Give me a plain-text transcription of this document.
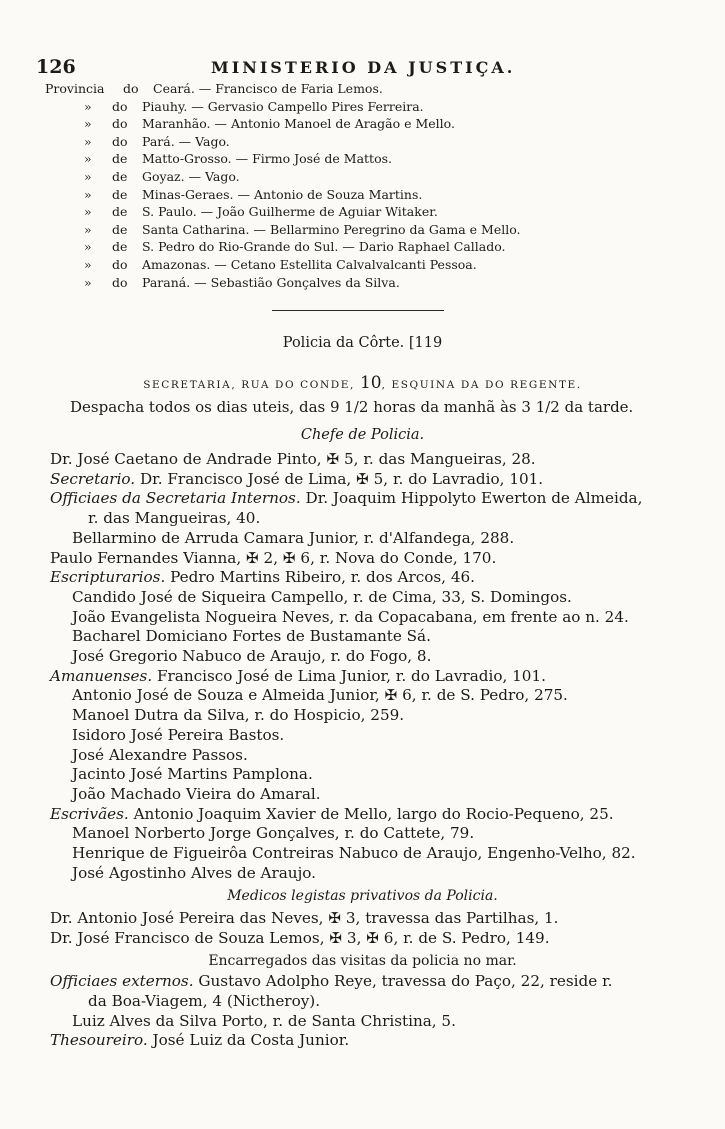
126	MINISTERIO DA JUSTIÇA.
Provincia do Ceará. — Francisco de Faria Lemos.
» do Piauhy. — Gervasio Campello Pires Ferreira.
» do Maranhão. — Antonio Manoel de Aragão e Mello.
» do Pará. — Vago.
» de Matto-Grosso. — Firmo José de Mattos.
» de Goyaz. — Vago.
» de Minas-Geraes. — Antonio de Souza Martins.
» de S. Paulo. — João Guilherme de Aguiar Witaker.
» de Santa Catharina. — Bellarmino Peregrino da Gama e Mello.
» de S. Pedro do Rio-Grande do Sul. — Dario Raphael Callado.
» do Amazonas. — Cetano Estellita Calvalvalcanti Pessoa.
» do Paraná. — Sebastião Gonçalves da Silva.
Policia da Côrte. [119
SECRETARIA, RUA DO CONDE, 10, ESQUINA DA DO REGENTE.
Despacha todos os dias uteis, das 9 1/2 horas da manhã às 3 1/2 da tarde.
Chefe de Policia.
Dr. José Caetano de Andrade Pinto, ✠ 5, r. das Mangueiras, 28.
Secretario. Dr. Francisco José de Lima, ✠ 5, r. do Lavradio, 101.
Officiaes da Secretaria Internos. Dr. Joaquim Hippolyto Ewerton de Almeida,
r. das Mangueiras, 40.
Bellarmino de Arruda Camara Junior, r. d'Alfandega, 288.
Paulo Fernandes Vianna, ✠ 2, ✠ 6, r. Nova do Conde, 170.
Escripturarios. Pedro Martins Ribeiro, r. dos Arcos, 46.
Candido José de Siqueira Campello, r. de Cima, 33, S. Domingos.
João Evangelista Nogueira Neves, r. da Copacabana, em frente ao n. 24.
Bacharel Domiciano Fortes de Bustamante Sá.
José Gregorio Nabuco de Araujo, r. do Fogo, 8.
Amanuenses. Francisco José de Lima Junior, r. do Lavradio, 101.
Antonio José de Souza e Almeida Junior, ✠ 6, r. de S. Pedro, 275.
Manoel Dutra da Silva, r. do Hospicio, 259.
Isidoro José Pereira Bastos.
José Alexandre Passos.
Jacinto José Martins Pamplona.
João Machado Vieira do Amaral.
Escrivães. Antonio Joaquim Xavier de Mello, largo do Rocio-Pequeno, 25.
Manoel Norberto Jorge Gonçalves, r. do Cattete, 79.
Henrique de Figueirôa Contreiras Nabuco de Araujo, Engenho-Velho, 82.
José Agostinho Alves de Araujo.
Medicos legistas privativos da Policia.
Dr. Antonio José Pereira das Neves, ✠ 3, travessa das Partilhas, 1.
Dr. José Francisco de Souza Lemos, ✠ 3, ✠ 6, r. de S. Pedro, 149.
Encarregados das visitas da policia no mar.
Officiaes externos. Gustavo Adolpho Reye, travessa do Paço, 22, reside r.
da Boa-Viagem, 4 (Nictheroy).
Luiz Alves da Silva Porto, r. de Santa Christina, 5.
Thesoureiro. José Luiz da Costa Junior.
